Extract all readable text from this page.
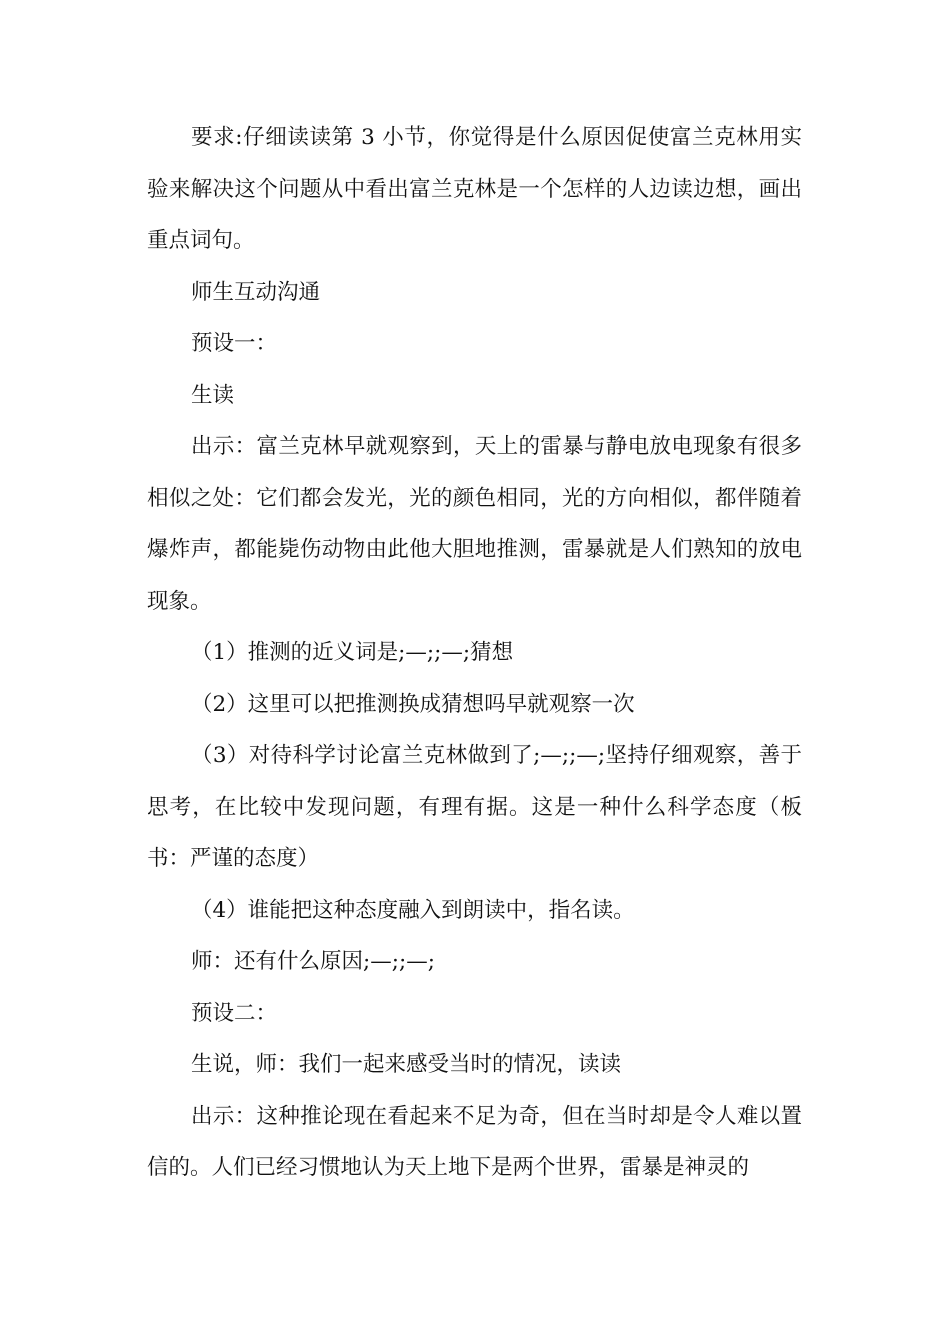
要求:仔细读读第 3 小节，你觉得是什么原因促使富兰克林用实验来解决这个问题从中看出富兰克林是一个怎样的人边读边想，画出重点词句。

师生互动沟通

预设一：

生读

出示：富兰克林早就观察到，天上的雷暴与静电放电现象有很多相似之处：它们都会发光，光的颜色相同，光的方向相似，都伴随着爆炸声，都能毙伤动物由此他大胆地推测，雷暴就是人们熟知的放电现象。

（1）推测的近义词是;—;;—;猜想

（2）这里可以把推测换成猜想吗早就观察一次

（3）对待科学讨论富兰克林做到了;—;;—;坚持仔细观察，善于思考，在比较中发现问题，有理有据。这是一种什么科学态度（板书：严谨的态度）

（4）谁能把这种态度融入到朗读中，指名读。

师：还有什么原因;—;;—;

预设二：

生说，师：我们一起来感受当时的情况，读读

出示：这种推论现在看起来不足为奇，但在当时却是令人难以置信的。人们已经习惯地认为天上地下是两个世界，雷暴是神灵的
